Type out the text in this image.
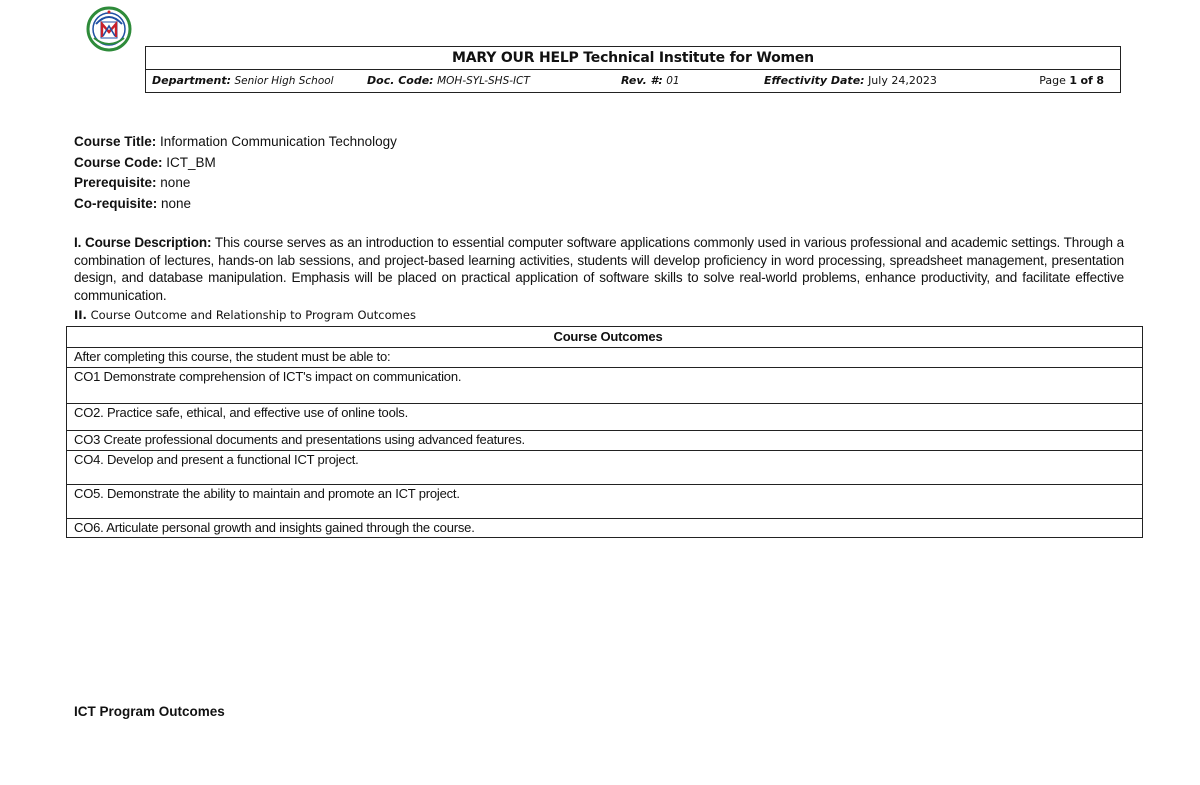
MARY OUR HELP Technical Institute for Women
Department: Senior High School	Doc. Code: MOH-SYL-SHS-ICT	Rev. #: 01	Effectivity Date: July 24,2023	Page 1 of 8
Course Title: Information Communication Technology
Course Code: ICT_BM
Prerequisite: none
Co-requisite: none
I. Course Description: This course serves as an introduction to essential computer software applications commonly used in various professional and academic settings. Through a combination of lectures, hands-on lab sessions, and project-based learning activities, students will develop proficiency in word processing, spreadsheet management, presentation design, and database manipulation. Emphasis will be placed on practical application of software skills to solve real-world problems, enhance productivity, and facilitate effective communication.
II. Course Outcome and Relationship to Program Outcomes
Course Outcomes
After completing this course, the student must be able to:
CO1 Demonstrate comprehension of ICT's impact on communication.
CO2. Practice safe, ethical, and effective use of online tools.
CO3 Create professional documents and presentations using advanced features.
CO4. Develop and present a functional ICT project.
CO5. Demonstrate the ability to maintain and promote an ICT project.
CO6. Articulate personal growth and insights gained through the course.
ICT Program Outcomes
